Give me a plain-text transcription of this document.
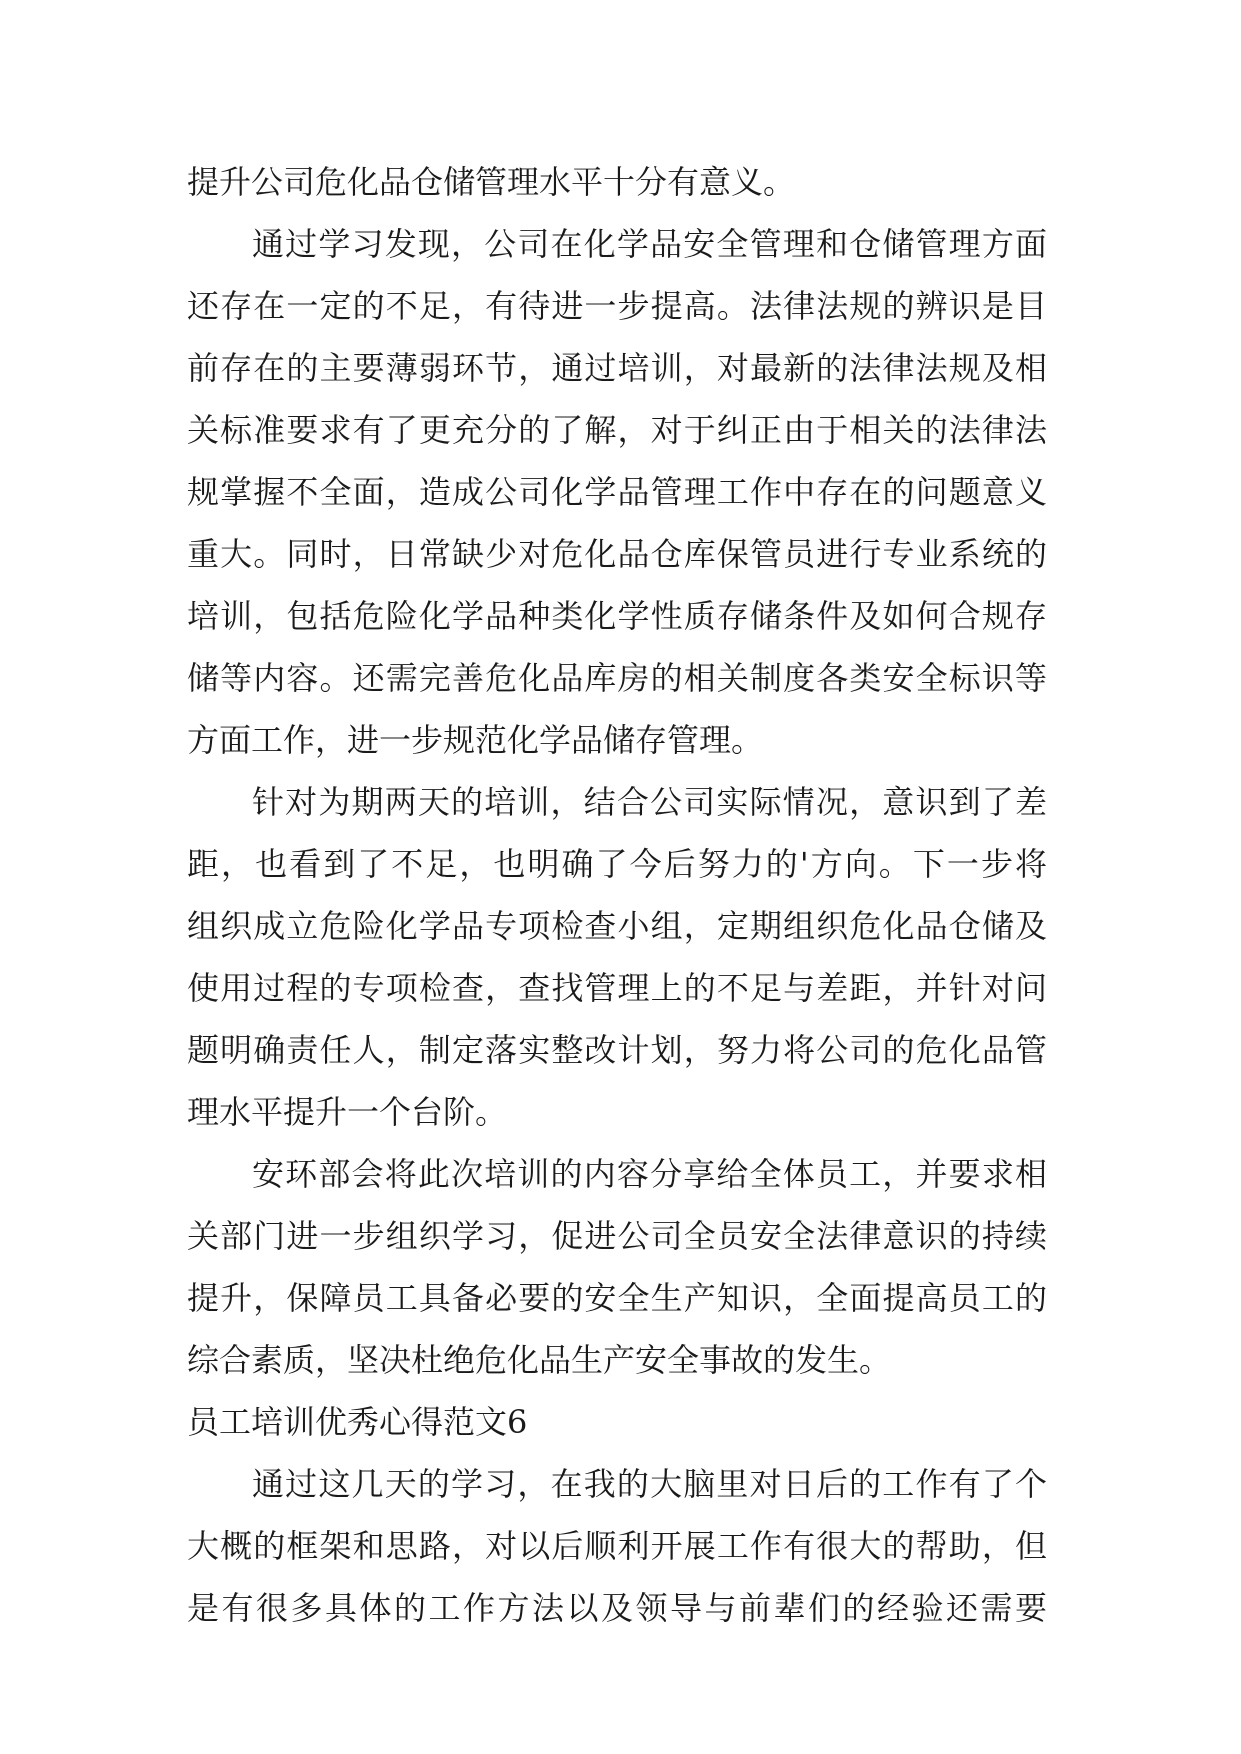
提升公司危化品仓储管理水平十分有意义。
通过学习发现，公司在化学品安全管理和仓储管理方面
还存在一定的不足，有待进一步提高。法律法规的辨识是目
前存在的主要薄弱环节，通过培训，对最新的法律法规及相
关标准要求有了更充分的了解，对于纠正由于相关的法律法
规掌握不全面，造成公司化学品管理工作中存在的问题意义
重大。同时，日常缺少对危化品仓库保管员进行专业系统的
培训，包括危险化学品种类化学性质存储条件及如何合规存
储等内容。还需完善危化品库房的相关制度各类安全标识等
方面工作，进一步规范化学品储存管理。
针对为期两天的培训，结合公司实际情况，意识到了差
距，也看到了不足，也明确了今后努力的'方向。下一步将
组织成立危险化学品专项检查小组，定期组织危化品仓储及
使用过程的专项检查，查找管理上的不足与差距，并针对问
题明确责任人，制定落实整改计划，努力将公司的危化品管
理水平提升一个台阶。
安环部会将此次培训的内容分享给全体员工，并要求相
关部门进一步组织学习，促进公司全员安全法律意识的持续
提升，保障员工具备必要的安全生产知识，全面提高员工的
综合素质，坚决杜绝危化品生产安全事故的发生。
员工培训优秀心得范文6
通过这几天的学习，在我的大脑里对日后的工作有了个
大概的框架和思路，对以后顺利开展工作有很大的帮助，但
是有很多具体的工作方法以及领导与前辈们的经验还需要
